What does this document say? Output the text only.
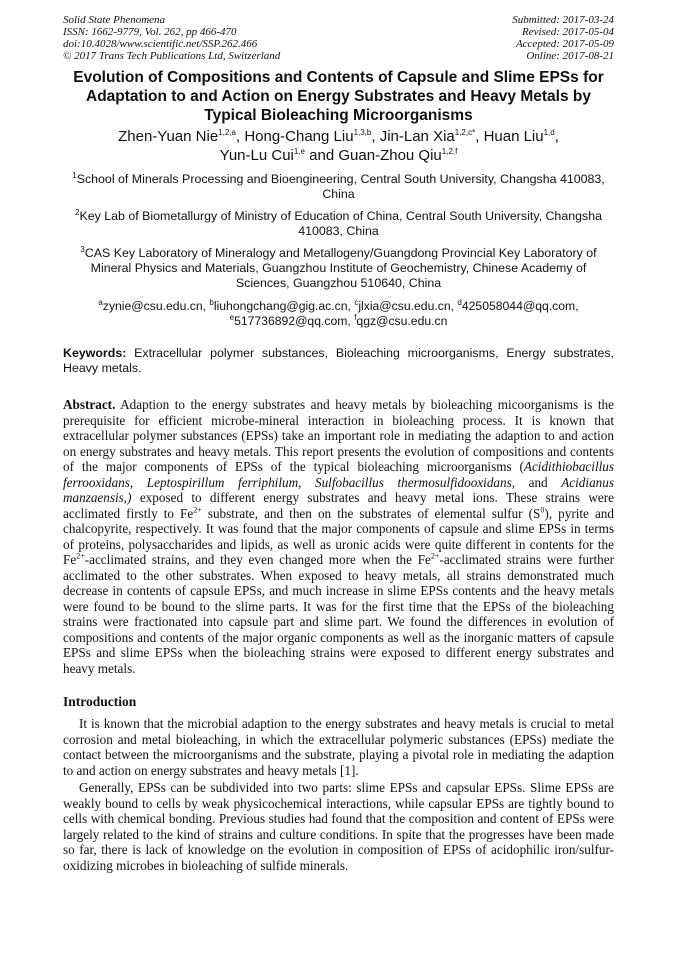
Solid State Phenomena
ISSN: 1662-9779, Vol. 262, pp 466-470
doi:10.4028/www.scientific.net/SSP.262.466
© 2017 Trans Tech Publications Ltd, Switzerland
Submitted: 2017-03-24
Revised: 2017-05-04
Accepted: 2017-05-09
Online: 2017-08-21
Evolution of Compositions and Contents of Capsule and Slime EPSs for Adaptation to and Action on Energy Substrates and Heavy Metals by Typical Bioleaching Microorganisms
Zhen-Yuan Nie$^{1,2,a}$, Hong-Chang Liu$^{1,3,b}$, Jin-Lan Xia$^{1,2,c*}$, Huan Liu$^{1,d}$,
Yun-Lu Cui$^{1,e}$ and Guan-Zhou Qiu$^{1,2,f}$
$^1$School of Minerals Processing and Bioengineering, Central South University, Changsha 410083, China
$^2$Key Lab of Biometallurgy of Ministry of Education of China, Central South University, Changsha 410083, China
$^3$CAS Key Laboratory of Mineralogy and Metallogeny/Guangdong Provincial Key Laboratory of Mineral Physics and Materials, Guangzhou Institute of Geochemistry, Chinese Academy of Sciences, Guangzhou 510640, China
$^a$zynie@csu.edu.cn, $^b$liuhongchang@gig.ac.cn, $^c$jlxia@csu.edu.cn, $^d$425058044@qq.com,
$^e$517736892@qq.com, $^f$qgz@csu.edu.cn
Keywords: Extracellular polymer substances, Bioleaching microorganisms, Energy substrates, Heavy metals.
Abstract. Adaption to the energy substrates and heavy metals by bioleaching micoorganisms is the prerequisite for efficient microbe-mineral interaction in bioleaching process. It is known that extracellular polymer substances (EPSs) take an important role in mediating the adaption to and action on energy substrates and heavy metals. This report presents the evolution of compositions and contents of the major components of EPSs of the typical bioleaching microorganisms (Acidithiobacillus ferrooxidans, Leptospirillum ferriphilum, Sulfobacillus thermosulfidooxidans, and Acidianus manzaensis,) exposed to different energy substrates and heavy metal ions. These strains were acclimated firstly to $Fe^{2+}$ substrate, and then on the substrates of elemental sulfur $(S^0)$, pyrite and chalcopyrite, respectively. It was found that the major components of capsule and slime EPSs in terms of proteins, polysaccharides and lipids, as well as uronic acids were quite different in contents for the $Fe^{2+}$-acclimated strains, and they even changed more when the $Fe^{2+}$-acclimated strains were further acclimated to the other substrates. When exposed to heavy metals, all strains demonstrated much decrease in contents of capsule EPSs, and much increase in slime EPSs contents and the heavy metals were found to be bound to the slime parts. It was for the first time that the EPSs of the bioleaching strains were fractionated into capsule part and slime part. We found the differences in evolution of compositions and contents of the major organic components as well as the inorganic matters of capsule EPSs and slime EPSs when the bioleaching strains were exposed to different energy substrates and heavy metals.
Introduction
It is known that the microbial adaption to the energy substrates and heavy metals is crucial to metal corrosion and metal bioleaching, in which the extracellular polymeric substances (EPSs) mediate the contact between the microorganisms and the substrate, playing a pivotal role in mediating the adaption to and action on energy substrates and heavy metals [1].
Generally, EPSs can be subdivided into two parts: slime EPSs and capsular EPSs. Slime EPSs are weakly bound to cells by weak physicochemical interactions, while capsular EPSs are tightly bound to cells with chemical bonding. Previous studies had found that the composition and content of EPSs were largely related to the kind of strains and culture conditions. In spite that the progresses have been made so far, there is lack of knowledge on the evolution in composition of EPSs of acidophilic iron/sulfur- oxidizing microbes in bioleaching of sulfide minerals.
